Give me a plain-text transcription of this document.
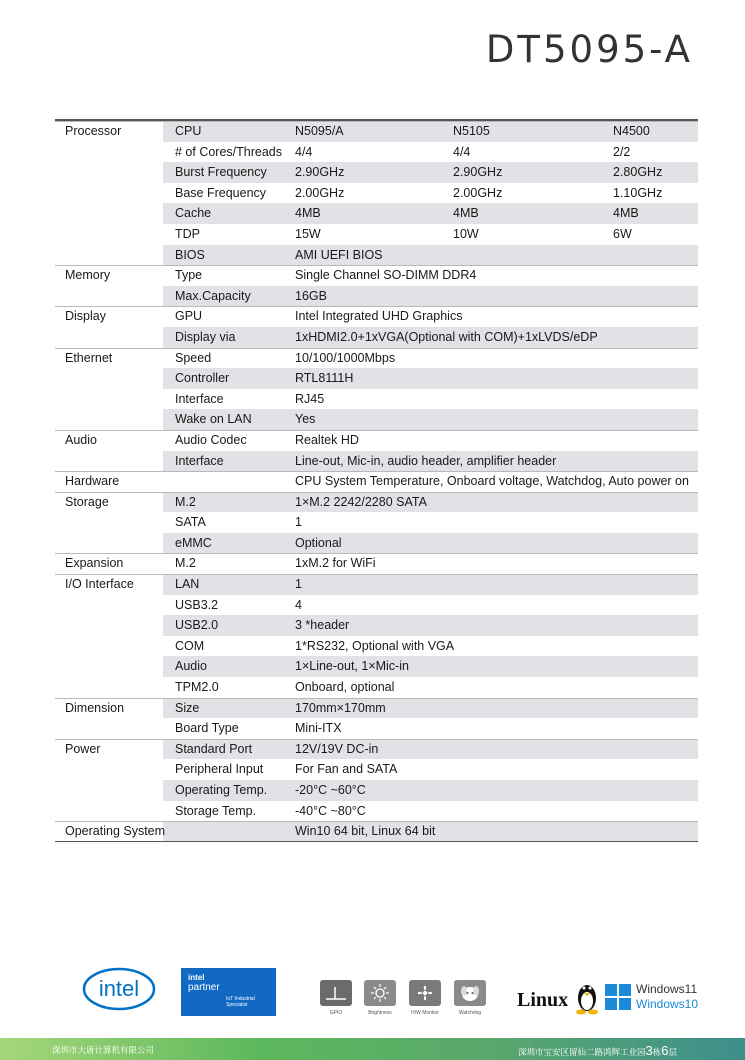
DT5095-A
Processor	CPU	N5095/A	N5105	N4500
# of Cores/Threads 4/4	4/4	2/2
Burst Frequency 2.90GHz	2.90GHz	2.80GHz
Base Frequency 2.00GHz	2.00GHz	1.10GHz
Cache	4MB	4MB	4MB
TDP	15W	10W	6W
BIOS	AMI UEFI BIOS
Memory	Type	Single Channel SO-DIMM DDR4
Max.Capacity	16GB
Display	GPU	Intel Integrated UHD Graphics
Display via	1xHDMI2.0+1xVGA(Optional with COM)+1xLVDS/eDP
Ethernet	Speed	10/100/1000Mbps
Controller	RTL8111H
Interface	RJ45
Wake on LAN	Yes
Audio	Audio Codec	Realtek HD
Interface	Line-out, Mic-in, audio header, amplifier header
Hardware	CPU System Temperature, Onboard voltage, Watchdog, Auto power on
Storage	M.2	1×M.2 2242/2280 SATA
SATA	1
eMMC	Optional
Expansion	M.2	1xM.2 for WiFi
I/O Interface	LAN	1
USB3.2	4
USB2.0	3 *header
COM	1*RS232, Optional with VGA
Audio	1×Line-out, 1×Mic-in
TPM2.0	Onboard, optional
Dimension	Size	170mm×170mm
Board Type	Mini-ITX
Power	Standard Port	12V/19V DC-in
Peripheral Input	For Fan and SATA
Operating Temp. -20°C ~60°C
Storage Temp.	-40°C ~80°C
Operating System	Win10 64 bit, Linux 64 bit
intel	intel
partner
IoT Industrial Specialist
GPIO	Brightness	H/W Monitor	Watchdog
Linux	Windows11
Windows10
深圳市大唐计算机有限公司	深圳市宝安区留仙二路鸿辉工业园3栋6层
